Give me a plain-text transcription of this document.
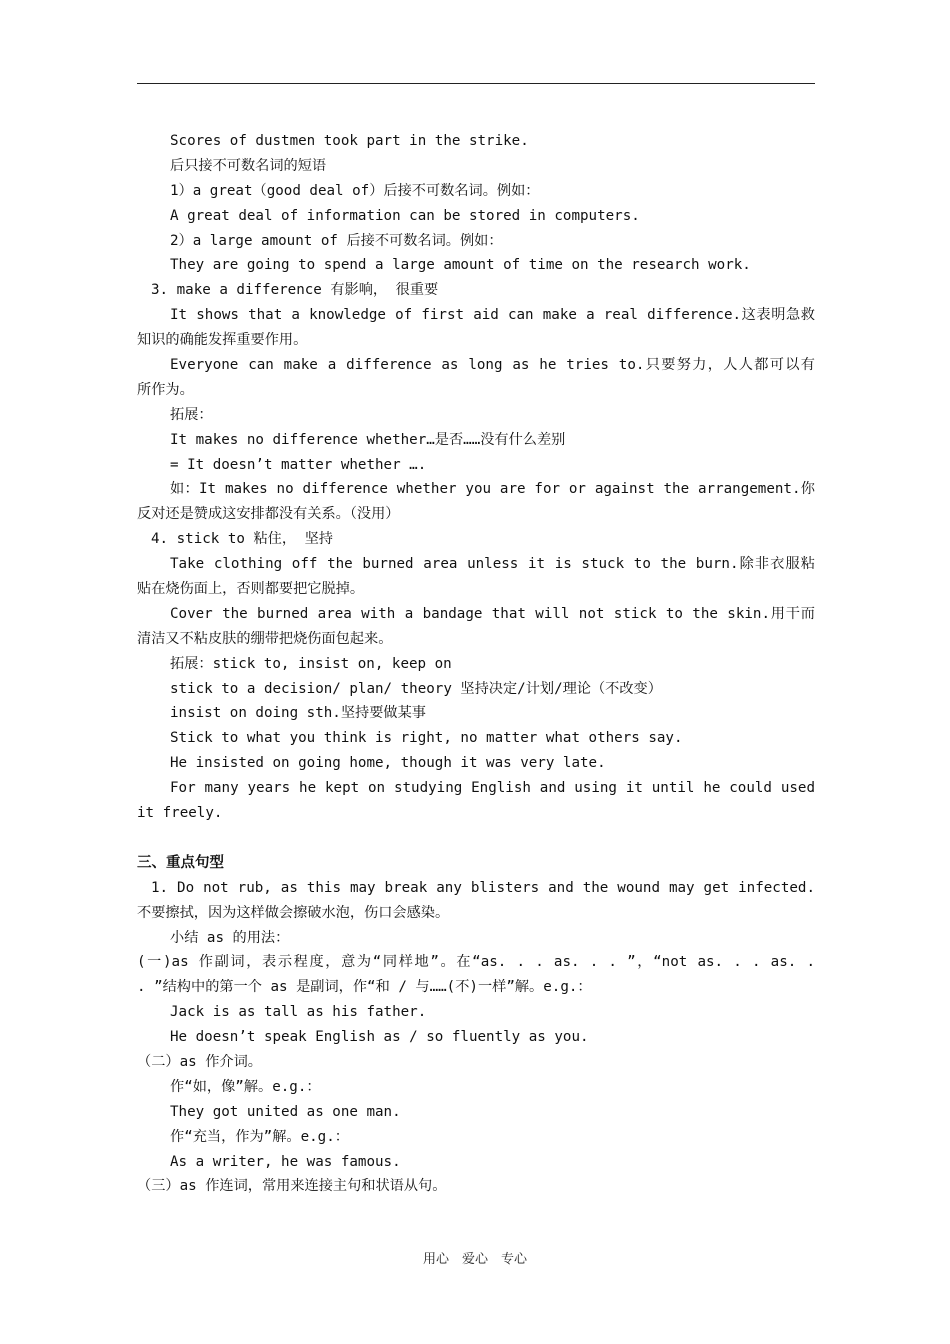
Scores of dustmen took part in the strike.
后只接不可数名词的短语
1）a great（good deal of）后接不可数名词。例如：
A great deal of information can be stored in computers.
2）a large amount of 后接不可数名词。例如：
They are going to spend a large amount of time on the research work.
3. make a difference 有影响， 很重要
It shows that a knowledge of first aid can make a real difference.这表明急救
知识的确能发挥重要作用。
Everyone can make a difference as long as he tries to.只要努力，人人都可以有
所作为。
拓展：
It makes no difference whether…是否……没有什么差别
= It doesn’t matter whether ….
如：It makes no difference whether you are for or against the arrangement.你
反对还是赞成这安排都没有关系。（没用）
4. stick to 粘住， 坚持
Take clothing off the burned area unless it is stuck to the burn.除非衣服粘
贴在烧伤面上，否则都要把它脱掉。
Cover the burned area with a bandage that will not stick to the skin.用干而
清洁又不粘皮肤的绷带把烧伤面包起来。
拓展：stick to, insist on, keep on
stick to a decision/ plan/ theory 坚持决定/计划/理论（不改变）
insist on doing sth.坚持要做某事
Stick to what you think is right, no matter what others say.
He insisted on going home, though it was very late.
For many years he kept on studying English and using it until he could used
it freely.
三、重点句型
1. Do not rub, as this may break any blisters and the wound may get infected.
不要擦拭，因为这样做会擦破水泡，伤口会感染。
小结 as 的用法：
(一)as 作副词，表示程度，意为“同样地”。在“as. . . as. . . ”，“not as. . . as. .
. ”结构中的第一个 as 是副词，作“和 / 与……(不)一样”解。e.g.：
Jack is as tall as his father.
He doesn’t speak English as / so fluently as you.
（二）as 作介词。
作“如，像”解。e.g.：
They got united as one man.
作“充当，作为”解。e.g.：
As a writer, he was famous.
（三）as 作连词，常用来连接主句和状语从句。
用心　爱心　专心
